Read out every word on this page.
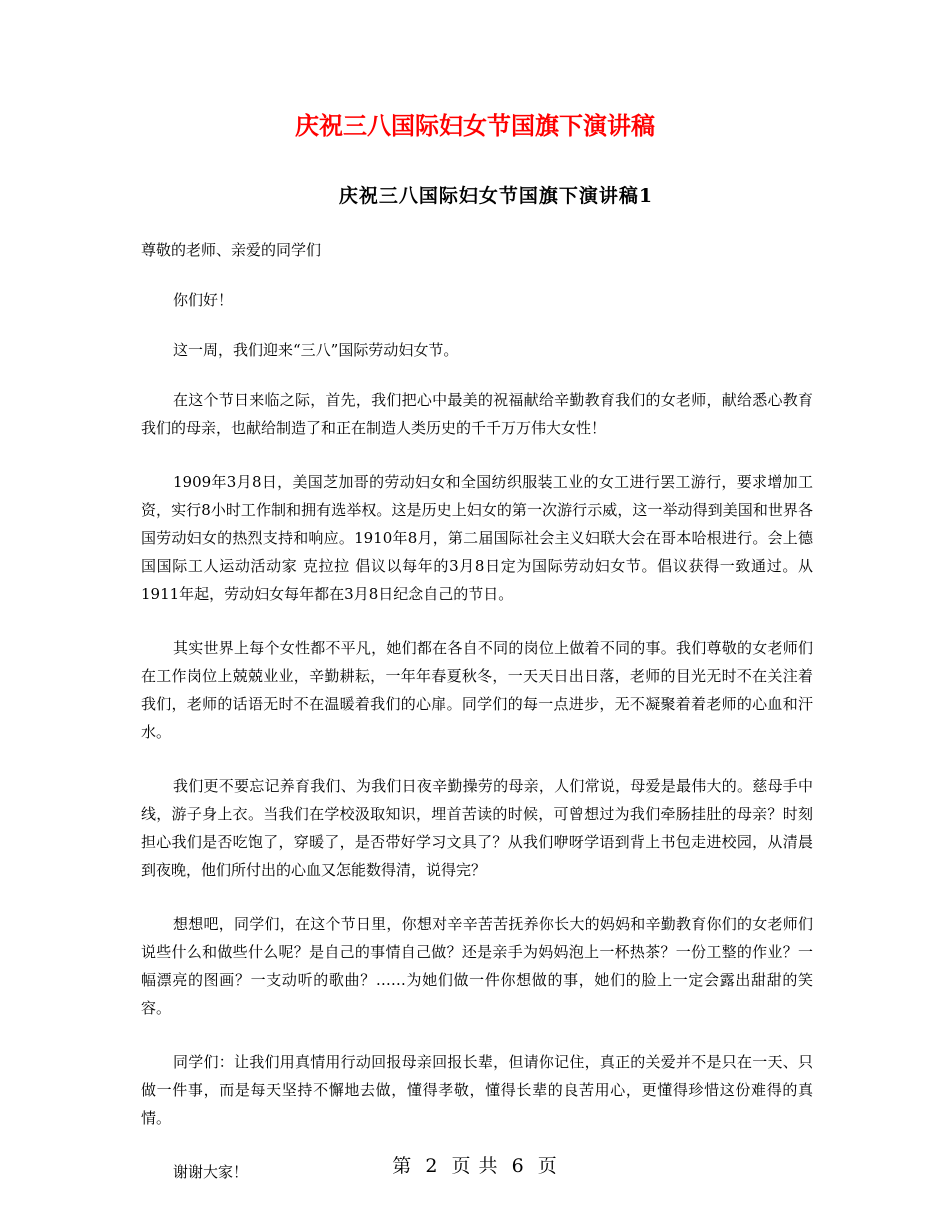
庆祝三八国际妇女节国旗下演讲稿
庆祝三八国际妇女节国旗下演讲稿1

尊敬的老师、亲爱的同学们

你们好！

这一周，我们迎来“三八”国际劳动妇女节。

在这个节日来临之际，首先，我们把心中最美的祝福献给辛勤教育我们的女老师，献给悉心教育我们的母亲，也献给制造了和正在制造人类历史的千千万万伟大女性！

1909年3月8日，美国芝加哥的劳动妇女和全国纺织服装工业的女工进行罢工游行，要求增加工资，实行8小时工作制和拥有选举权。这是历史上妇女的第一次游行示威，这一举动得到美国和世界各国劳动妇女的热烈支持和响应。1910年8月，第二届国际社会主义妇联大会在哥本哈根进行。会上德国国际工人运动活动家 克拉拉 倡议以每年的3月8日定为国际劳动妇女节。倡议获得一致通过。从1911年起，劳动妇女每年都在3月8日纪念自己的节日。

其实世界上每个女性都不平凡，她们都在各自不同的岗位上做着不同的事。我们尊敬的女老师们在工作岗位上兢兢业业，辛勤耕耘，一年年春夏秋冬，一天天日出日落，老师的目光无时不在关注着我们，老师的话语无时不在温暖着我们的心扉。同学们的每一点进步，无不凝聚着着老师的心血和汗水。

我们更不要忘记养育我们、为我们日夜辛勤操劳的母亲，人们常说，母爱是最伟大的。慈母手中线，游子身上衣。当我们在学校汲取知识，埋首苦读的时候，可曾想过为我们牵肠挂肚的母亲？时刻担心我们是否吃饱了，穿暖了，是否带好学习文具了？从我们咿呀学语到背上书包走进校园，从清晨到夜晚，他们所付出的心血又怎能数得清，说得完？

想想吧，同学们，在这个节日里，你想对辛辛苦苦抚养你长大的妈妈和辛勤教育你们的女老师们说些什么和做些什么呢？是自己的事情自己做？还是亲手为妈妈泡上一杯热茶？一份工整的作业？一幅漂亮的图画？一支动听的歌曲？……为她们做一件你想做的事，她们的脸上一定会露出甜甜的笑容。

同学们：让我们用真情用行动回报母亲回报长辈，但请你记住，真正的关爱并不是只在一天、只做一件事，而是每天坚持不懈地去做，懂得孝敬，懂得长辈的良苦用心，更懂得珍惜这份难得的真情。

谢谢大家！	第 2 页 共 6 页
